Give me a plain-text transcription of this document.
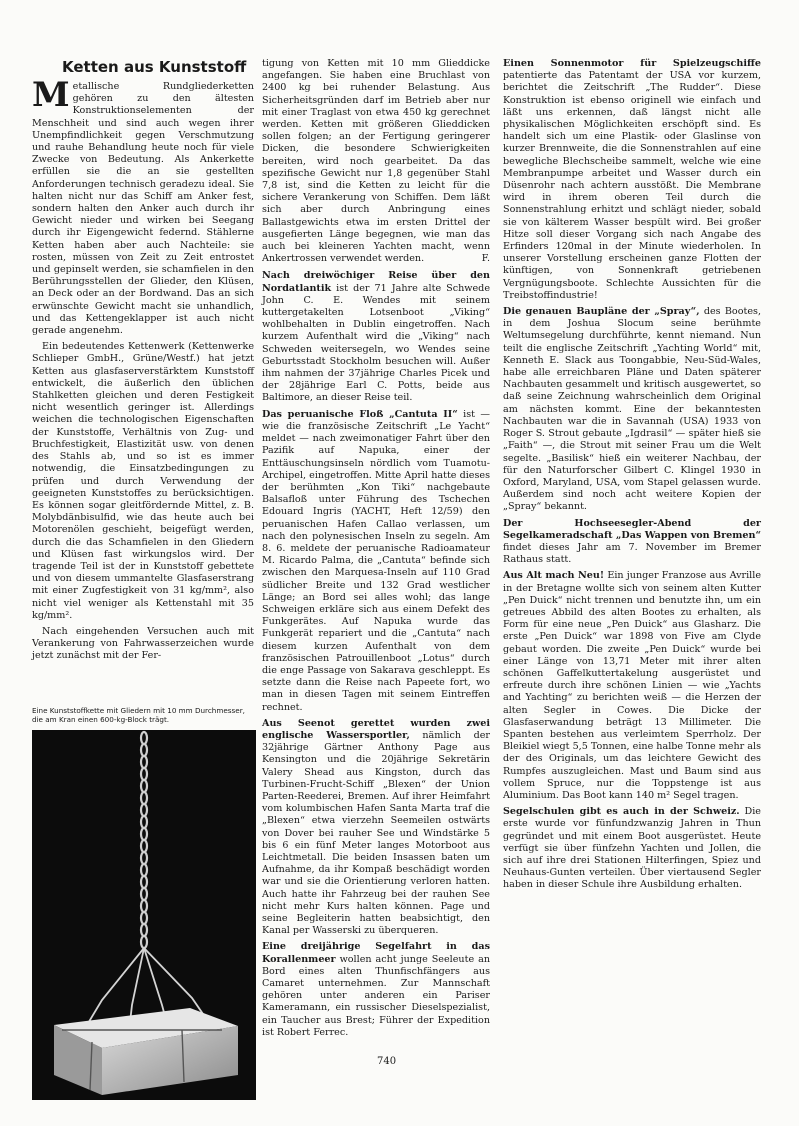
Ketten aus Kunststoff

Metallische Rundgliederketten gehören zu den ältesten Konstruktionselementen der Menschheit und sind auch wegen ihrer Unempfindlichkeit gegen Verschmutzung und rauhe Behandlung heute noch für viele Zwecke von Bedeutung. Als Ankerkette erfüllen sie die an sie gestellten Anforderungen technisch geradezu ideal. Sie halten nicht nur das Schiff am Anker fest, sondern halten den Anker auch durch ihr Gewicht nieder und wirken bei Seegang durch ihr Eigengewicht federnd. Stählerne Ketten haben aber auch Nachteile: sie rosten, müssen von Zeit zu Zeit entrostet und gepinselt werden, sie schamfielen in den Berührungsstellen der Glieder, den Klüsen, an Deck oder an der Bordwand. Das an sich erwünschte Gewicht macht sie unhandlich, und das Kettengeklapper ist auch nicht gerade angenehm.

Ein bedeutendes Kettenwerk (Kettenwerke Schlieper GmbH., Grüne/Westf.) hat jetzt Ketten aus glasfaserverstärktem Kunststoff entwickelt, die äußerlich den üblichen Stahlketten gleichen und deren Festigkeit nicht wesentlich geringer ist. Allerdings weichen die technologischen Eigenschaften der Kunststoffe, Verhältnis von Zug- und Bruchfestigkeit, Elastizität usw. von denen des Stahls ab, und so ist es immer notwendig, die Einsatzbedingungen zu prüfen und durch Verwendung der geeigneten Kunststoffes zu berücksichtigen. Es können sogar gleitfördernde Mittel, z. B. Molybdänbisulfid, wie das heute auch bei Motorenölen geschieht, beigefügt werden, durch die das Schamfielen in den Gliedern und Klüsen fast wirkungslos wird. Der tragende Teil ist der in Kunststoff gebettete und von diesem ummantelte Glasfaserstrang mit einer Zugfestigkeit von 31 kg/mm², also nicht viel weniger als Kettenstahl mit 35 kg/mm².

Nach eingehenden Versuchen auch mit Verankerung von Fahrwasserzeichen wurde jetzt zunächst mit der Fer-

Eine Kunststoffkette mit Gliedern mit 10 mm Durchmesser, die am Kran einen 600-kg-Block trägt.

tigung von Ketten mit 10 mm Glieddicke angefangen. Sie haben eine Bruchlast von 2400 kg bei ruhender Belastung. Aus Sicherheitsgründen darf im Betrieb aber nur mit einer Traglast von etwa 450 kg gerechnet werden. Ketten mit größeren Glieddicken sollen folgen; an der Fertigung geringerer Dicken, die besondere Schwierigkeiten bereiten, wird noch gearbeitet. Da das spezifische Gewicht nur 1,8 gegenüber Stahl 7,8 ist, sind die Ketten zu leicht für die sichere Verankerung von Schiffen. Dem läßt sich aber durch Anbringung eines Ballastgewichts etwa im ersten Drittel der ausgefierten Länge begegnen, wie man das auch bei kleineren Yachten macht, wenn Ankertrossen verwendet werden.	F.

Nach dreiwöchiger Reise über den Nordatlantik ist der 71 Jahre alte Schwede John C. E. Wendes mit seinem kuttergetakelten Lotsenboot „Viking“ wohlbehalten in Dublin eingetroffen. Nach kurzem Aufenthalt wird die „Viking“ nach Schweden weitersegeln, wo Wendes seine Geburtsstadt Stockholm besuchen will. Außer ihm nahmen der 37jährige Charles Picek und der 28jährige Earl C. Potts, beide aus Baltimore, an dieser Reise teil.

Das peruanische Floß „Cantuta II“ ist — wie die französische Zeitschrift „Le Yacht“ meldet — nach zweimonatiger Fahrt über den Pazifik auf Napuka, einer der Enttäuschungsinseln nördlich vom Tuamotu-Archipel, eingetroffen. Mitte April hatte dieses der berühmten „Kon Tiki“ nachgebaute Balsafloß unter Führung des Tschechen Edouard Ingris (YACHT, Heft 12/59) den peruanischen Hafen Callao verlassen, um nach den polynesischen Inseln zu segeln. Am 8. 6. meldete der peruanische Radioamateur M. Ricardo Palma, die „Cantuta“ befinde sich zwischen den Marquesa-Inseln auf 110 Grad südlicher Breite und 132 Grad westlicher Länge; an Bord sei alles wohl; das lange Schweigen erkläre sich aus einem Defekt des Funkgerätes. Auf Napuka wurde das Funkgerät repariert und die „Cantuta“ nach diesem kurzen Aufenthalt von dem französischen Patrouillenboot „Lotus“ durch die enge Passage von Sakarava geschleppt. Es setzte dann die Reise nach Papeete fort, wo man in diesen Tagen mit seinem Eintreffen rechnet.

Aus Seenot gerettet wurden zwei englische Wassersportler, nämlich der 32jährige Gärtner Anthony Page aus Kensington und die 20jährige Sekretärin Valery Shead aus Kingston, durch das Turbinen-Frucht-Schiff „Blexen“ der Union Parten-Reederei, Bremen. Auf ihrer Heimfahrt vom kolumbischen Hafen Santa Marta traf die „Blexen“ etwa vierzehn Seemeilen ostwärts von Dover bei rauher See und Windstärke 5 bis 6 ein fünf Meter langes Motorboot aus Leichtmetall. Die beiden Insassen baten um Aufnahme, da ihr Kompaß beschädigt worden war und sie die Orientierung verloren hatten. Auch hatte ihr Fahrzeug bei der rauhen See nicht mehr Kurs halten können. Page und seine Begleiterin hatten beabsichtigt, den Kanal per Wasserski zu überqueren.

Eine dreijährige Segelfahrt in das Korallenmeer wollen acht junge Seeleute an Bord eines alten Thunfischfängers aus Camaret unternehmen. Zur Mannschaft gehören unter anderen ein Pariser Kameramann, ein russischer Dieselspezialist, ein Taucher aus Brest; Führer der Expedition ist Robert Ferrec.

Einen Sonnenmotor für Spielzeugschiffe patentierte das Patentamt der USA vor kurzem, berichtet die Zeitschrift „The Rudder“. Diese Konstruktion ist ebenso originell wie einfach und läßt uns erkennen, daß längst nicht alle physikalischen Möglichkeiten erschöpft sind. Es handelt sich um eine Plastik- oder Glaslinse von kurzer Brennweite, die die Sonnenstrahlen auf eine bewegliche Blechscheibe sammelt, welche wie eine Membranpumpe arbeitet und Wasser durch ein Düsenrohr nach achtern ausstößt. Die Membrane wird in ihrem oberen Teil durch die Sonnenstrahlung erhitzt und schlägt nieder, sobald sie von kälterem Wasser bespült wird. Bei großer Hitze soll dieser Vorgang sich nach Angabe des Erfinders 120mal in der Minute wiederholen. In unserer Vorstellung erscheinen ganze Flotten der künftigen, von Sonnenkraft getriebenen Vergnügungsboote. Schlechte Aussichten für die Treibstoffindustrie!

Die genauen Baupläne der „Spray“, des Bootes, in dem Joshua Slocum seine berühmte Weltumsegelung durchführte, kennt niemand. Nun teilt die englische Zeitschrift „Yachting World“ mit, Kenneth E. Slack aus Toongabbie, Neu-Süd-Wales, habe alle erreichbaren Pläne und Daten späterer Nachbauten gesammelt und kritisch ausgewertet, so daß seine Zeichnung wahrscheinlich dem Original am nächsten kommt. Eine der bekanntesten Nachbauten war die in Savannah (USA) 1933 von Roger S. Strout gebaute „Igdrasil“ — später hieß sie „Faith“ —, die Strout mit seiner Frau um die Welt segelte. „Basilisk“ hieß ein weiterer Nachbau, der für den Naturforscher Gilbert C. Klingel 1930 in Oxford, Maryland, USA, vom Stapel gelassen wurde. Außerdem sind noch acht weitere Kopien der „Spray“ bekannt.

Der Hochseesegler-Abend der Segelkameradschaft „Das Wappen von Bremen“ findet dieses Jahr am 7. November im Bremer Rathaus statt.

Aus Alt mach Neu! Ein junger Franzose aus Avrille in der Bretagne wollte sich von seinem alten Kutter „Pen Duick“ nicht trennen und benutzte ihn, um ein getreues Abbild des alten Bootes zu erhalten, als Form für eine neue „Pen Duick“ aus Glasharz. Die erste „Pen Duick“ war 1898 von Five am Clyde gebaut worden. Die zweite „Pen Duick“ wurde bei einer Länge von 13,71 Meter mit ihrer alten schönen Gaffelkuttertakelung ausgerüstet und erfreute durch ihre schönen Linien — wie „Yachts and Yachting“ zu berichten weiß — die Herzen der alten Segler in Cowes. Die Dicke der Glasfaserwandung beträgt 13 Millimeter. Die Spanten bestehen aus verleimtem Sperrholz. Der Bleikiel wiegt 5,5 Tonnen, eine halbe Tonne mehr als der des Originals, um das leichtere Gewicht des Rumpfes auszugleichen. Mast und Baum sind aus vollem Spruce, nur die Toppstenge ist aus Aluminium. Das Boot kann 140 m² Segel tragen.

Segelschulen gibt es auch in der Schweiz. Die erste wurde vor fünfundzwanzig Jahren in Thun gegründet und mit einem Boot ausgerüstet. Heute verfügt sie über fünfzehn Yachten und Jollen, die sich auf ihre drei Stationen Hilterfingen, Spiez und Neuhaus-Gunten verteilen. Über viertausend Segler haben in dieser Schule ihre Ausbildung erhalten.

740
